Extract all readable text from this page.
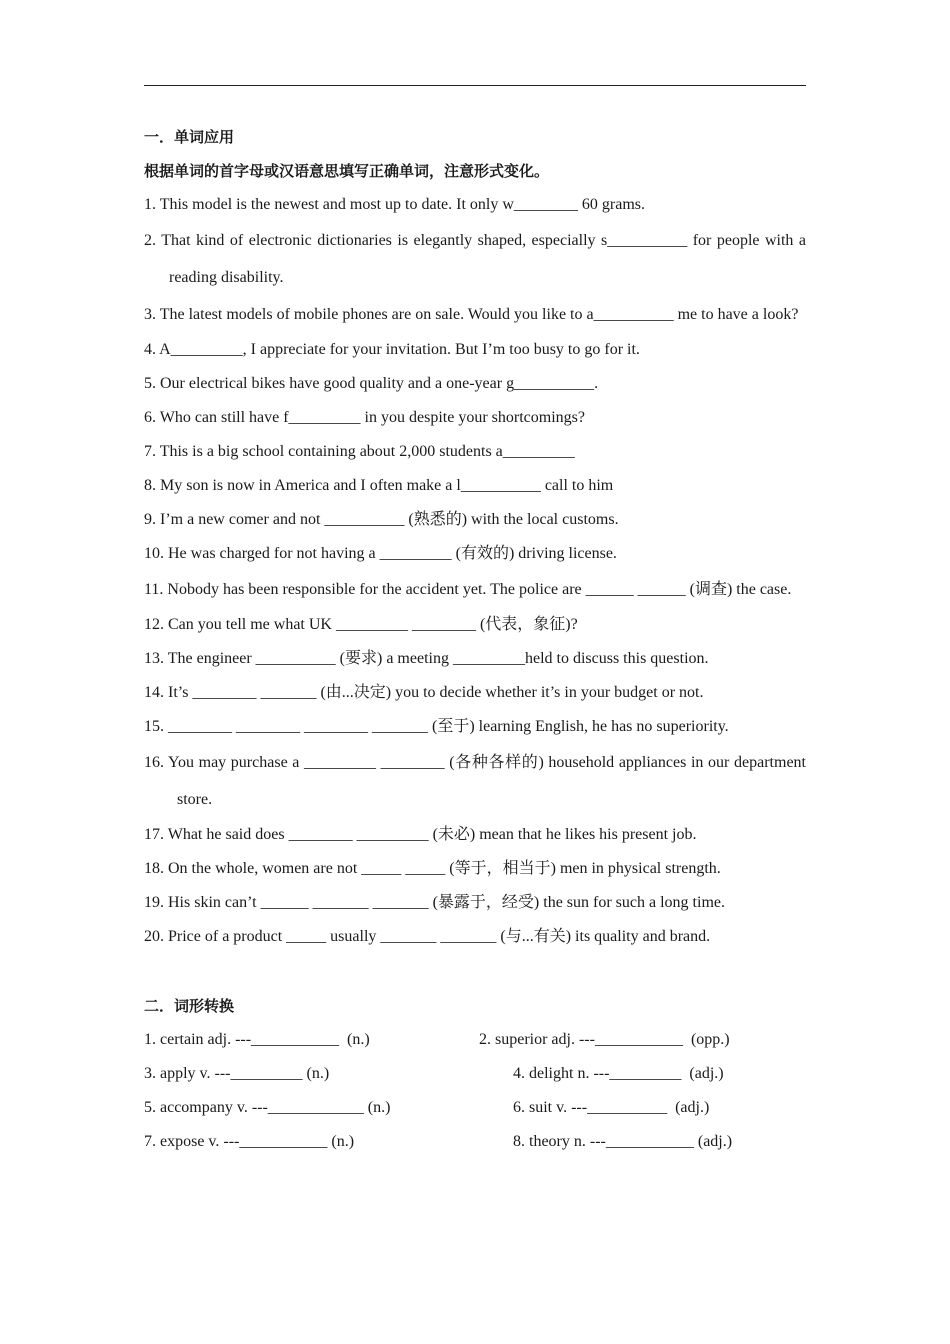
一．单词应用
根据单词的首字母或汉语意思填写正确单词，注意形式变化。
1. This model is the newest and most up to date. It only w________ 60 grams.
2. That kind of electronic dictionaries is elegantly shaped, especially s__________ for people with a reading disability.
3. The latest models of mobile phones are on sale. Would you like to a__________ me to have a look?
4. A_________, I appreciate for your invitation. But I’m too busy to go for it.
5. Our electrical bikes have good quality and a one-year g__________.
6. Who can still have f_________ in you despite your shortcomings?
7. This is a big school containing about 2,000 students a_________
8. My son is now in America and I often make a l__________ call to him
9. I’m a new comer and not __________ (熟悉的) with the local customs.
10. He was charged for not having a _________ (有效的) driving license.
11. Nobody has been responsible for the accident yet. The police are ______ ______ (调查) the case.
12. Can you tell me what UK _________ ________ (代表，象征)?
13. The engineer __________ (要求) a meeting _________held to discuss this question.
14. It’s ________ _______ (由...决定) you to decide whether it’s in your budget or not.
15. ________ ________ ________ _______ (至于) learning English, he has no superiority.
16. You may purchase a _________ ________ (各种各样的) household appliances in our department store.
17. What he said does ________ _________ (未必) mean that he likes his present job.
18. On the whole, women are not _____ _____ (等于，相当于) men in physical strength.
19. His skin can’t ______ _______ _______ (暴露于，经受) the sun for such a long time.
20. Price of a product _____ usually _______ _______ (与...有关) its quality and brand.
二．词形转换
1. certain adj. ---___________  (n.)	2. superior adj. ---___________  (opp.)
3. apply v. ---_________ (n.)	4. delight n. ---_________  (adj.)
5. accompany v. ---____________ (n.)	6. suit v. ---__________  (adj.)
7. expose v. ---___________ (n.)	8. theory n. ---___________ (adj.)
